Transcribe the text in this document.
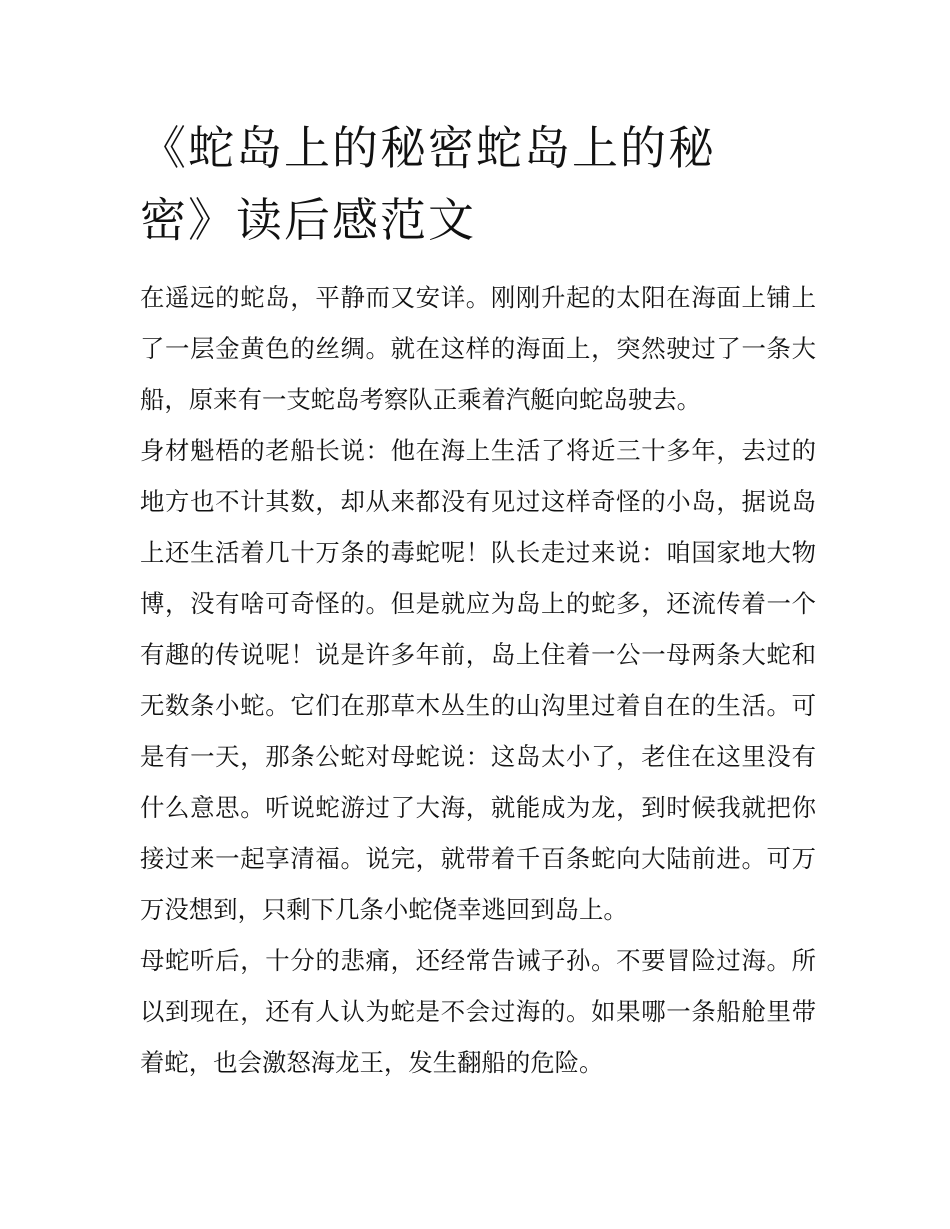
《蛇岛上的秘密蛇岛上的秘密》读后感范文

在遥远的蛇岛，平静而又安详。刚刚升起的太阳在海面上铺上了一层金黄色的丝绸。就在这样的海面上，突然驶过了一条大船，原来有一支蛇岛考察队正乘着汽艇向蛇岛驶去。

身材魁梧的老船长说：他在海上生活了将近三十多年，去过的地方也不计其数，却从来都没有见过这样奇怪的小岛，据说岛上还生活着几十万条的毒蛇呢！队长走过来说：咱国家地大物博，没有啥可奇怪的。但是就应为岛上的蛇多，还流传着一个有趣的传说呢！说是许多年前，岛上住着一公一母两条大蛇和无数条小蛇。它们在那草木丛生的山沟里过着自在的生活。可是有一天，那条公蛇对母蛇说：这岛太小了，老住在这里没有什么意思。听说蛇游过了大海，就能成为龙，到时候我就把你接过来一起享清福。说完，就带着千百条蛇向大陆前进。可万万没想到，只剩下几条小蛇侥幸逃回到岛上。

母蛇听后，十分的悲痛，还经常告诫子孙。不要冒险过海。所以到现在，还有人认为蛇是不会过海的。如果哪一条船舱里带着蛇，也会激怒海龙王，发生翻船的危险。
